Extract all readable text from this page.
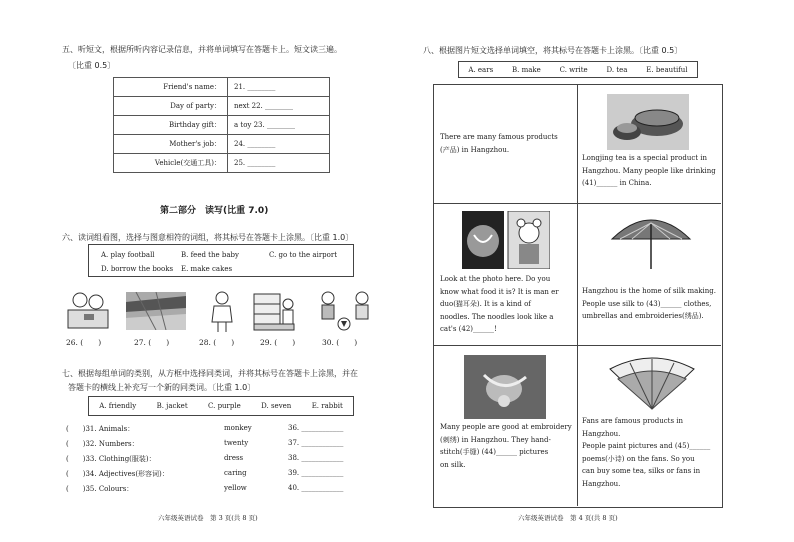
五、听短文，根据所听内容记录信息，并将单词填写在答题卡上。短文读三遍。
〔比重 0.5〕
Friend's name：	21. ________
Day of party：	next 22. ________
Birthday gift：	a toy 23. ________
Mother's job：	24. ________
Vehicle(交通工具)：	25. ________
第二部分　读写(比重 7.0)
六、读词组看图，选择与图意相符的词组，将其标号在答题卡上涂黑。〔比重 1.0〕
A. play football	B. feed the baby	C. go to the airport
D. borrow the books E. make cakes
26. (　　)	27. (　　)	28. (　　)	29. (　　)	30. (　　)
七、根据每组单词的类别，从方框中选择同类词，并将其标号在答题卡上涂黑，并在
答题卡的横线上补充写一个新的同类词。〔比重 1.0〕
A. friendly	B. jacket	C. purple	D. seven	E. rabbit
(　　)31. Animals：	monkey	36. ____________
(　　)32. Numbers：	twenty	37. ____________
(　　)33. Clothing(服装)：	dress	38. ____________
(　　)34. Adjectives(形容词)：	caring	39. ____________
(　　)35. Colours：	yellow	40. ____________
六年级英语试卷　第 3 页(共 8 页)
八、根据图片短文选择单词填空，将其标号在答题卡上涂黑。〔比重 0.5〕
A. ears	B. make	C. write	D. tea	E. beautiful
There are many famous products
(产品) in Hangzhou.
Longjing tea is a special product in
Hangzhou. Many people like drinking
(41)______ in China.
Look at the photo here. Do you
know what food it is? It is man er
duo(猫耳朵). It is a kind of
noodles. The noodles look like a
cat's (42)______!
Hangzhou is the home of silk making.
People use silk to (43)______ clothes,
umbrellas and embroideries(绣品).
Many people are good at embroidery
(刺绣) in Hangzhou. They hand-
stitch(手缝) (44)______ pictures
on silk.
Fans are famous products in Hangzhou.
People paint pictures and (45)______
poems(小诗) on the fans. So you
can buy some tea, silks or fans in
Hangzhou.
六年级英语试卷　第 4 页(共 8 页)
